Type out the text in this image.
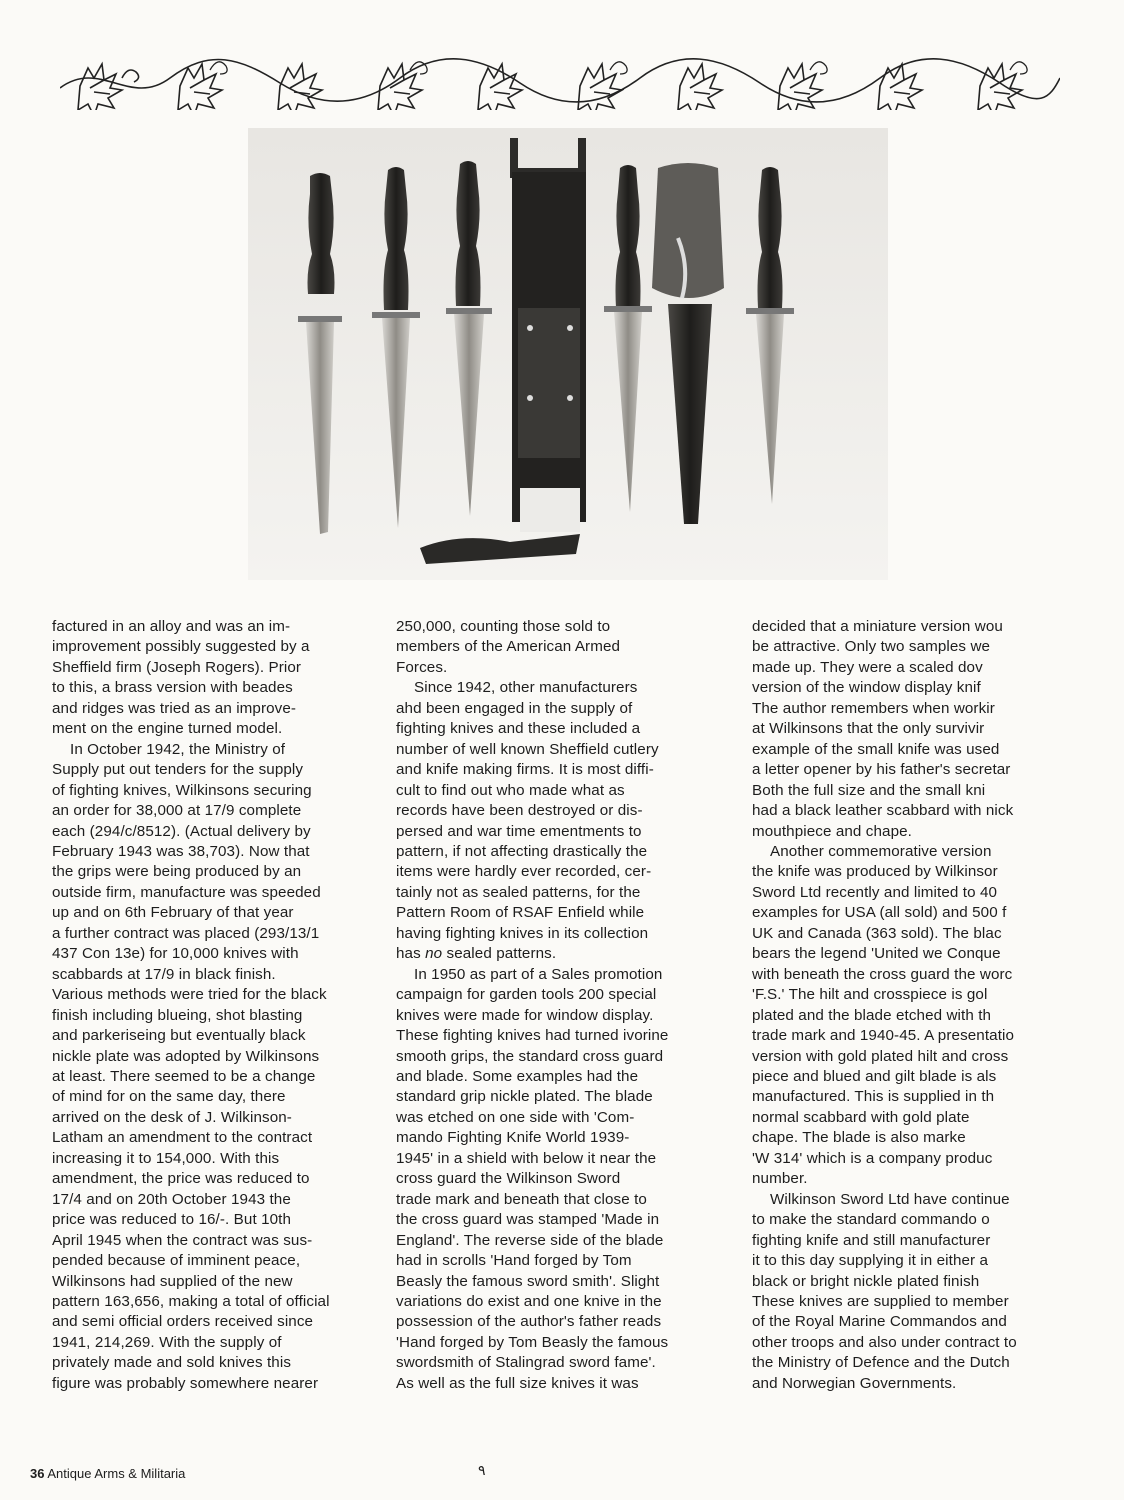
factured in an alloy and was an im-

improvement possibly suggested by a

Sheffield firm (Joseph Rogers). Prior

to this, a brass version with beades

and ridges was tried as an improve-

ment on the engine turned model.

In October 1942, the Ministry of

Supply put out tenders for the supply

of fighting knives, Wilkinsons securing

an order for 38,000 at 17/9 complete

each (294/c/8512). (Actual delivery by

February 1943 was 38,703). Now that

the grips were being produced by an

outside firm, manufacture was speeded

up and on 6th February of that year

a further contract was placed (293/13/1

437 Con 13e) for 10,000 knives with

scabbards at 17/9 in black finish.

Various methods were tried for the black

finish including blueing, shot blasting

and parkeriseing but eventually black

nickle plate was adopted by Wilkinsons

at least. There seemed to be a change

of mind for on the same day, there

arrived on the desk of J. Wilkinson-

Latham an amendment to the contract

increasing it to 154,000. With this

amendment, the price was reduced to

17/4 and on 20th October 1943 the

price was reduced to 16/-. But 10th

April 1945 when the contract was sus-

pended because of imminent peace,

Wilkinsons had supplied of the new

pattern 163,656, making a total of official

and semi official orders received since

1941, 214,269. With the supply of

privately made and sold knives this

figure was probably somewhere nearer

250,000, counting those sold to

members of the American Armed

Forces.

Since 1942, other manufacturers

ahd been engaged in the supply of

fighting knives and these included a

number of well known Sheffield cutlery

and knife making firms. It is most diffi-

cult to find out who made what as

records have been destroyed or dis-

persed and war time ementments to

pattern, if not affecting drastically the

items were hardly ever recorded, cer-

tainly not as sealed patterns, for the

Pattern Room of RSAF Enfield while

having fighting knives in its collection

has no sealed patterns.

In 1950 as part of a Sales promotion

campaign for garden tools 200 special

knives were made for window display.

These fighting knives had turned ivorine

smooth grips, the standard cross guard

and blade. Some examples had the

standard grip nickle plated. The blade

was etched on one side with 'Com-

mando Fighting Knife World 1939-

1945' in a shield with below it near the

cross guard the Wilkinson Sword

trade mark and beneath that close to

the cross guard was stamped 'Made in

England'. The reverse side of the blade

had in scrolls 'Hand forged by Tom

Beasly the famous sword smith'. Slight

variations do exist and one knive in the

possession of the author's father reads

'Hand forged by Tom Beasly the famous

swordsmith of Stalingrad sword fame'.

As well as the full size knives it was

decided that a miniature version wou

be attractive. Only two samples we

made up. They were a scaled dov

version of the window display knif

The author remembers when workir

at Wilkinsons that the only survivir

example of the small knife was used

a letter opener by his father's secretar

Both the full size and the small kni

had a black leather scabbard with nick

mouthpiece and chape.

Another commemorative version

the knife was produced by Wilkinsor

Sword Ltd recently and limited to 40

examples for USA (all sold) and 500 f

UK and Canada (363 sold). The blac

bears the legend 'United we Conque

with beneath the cross guard the worc

'F.S.' The hilt and crosspiece is gol

plated and the blade etched with th

trade mark and 1940-45. A presentatio

version with gold plated hilt and cross

piece and blued and gilt blade is als

manufactured. This is supplied in th

normal scabbard with gold plate

chape. The blade is also marke

'W 314' which is a company produc

number.

Wilkinson Sword Ltd have continue

to make the standard commando o

fighting knife and still manufacturer

it to this day supplying it in either a

black or bright nickle plated finish

These knives are supplied to member

of the Royal Marine Commandos and

other troops and also under contract to

the Ministry of Defence and the Dutch

and Norwegian Governments.

36 Antique Arms & Militaria	٩
